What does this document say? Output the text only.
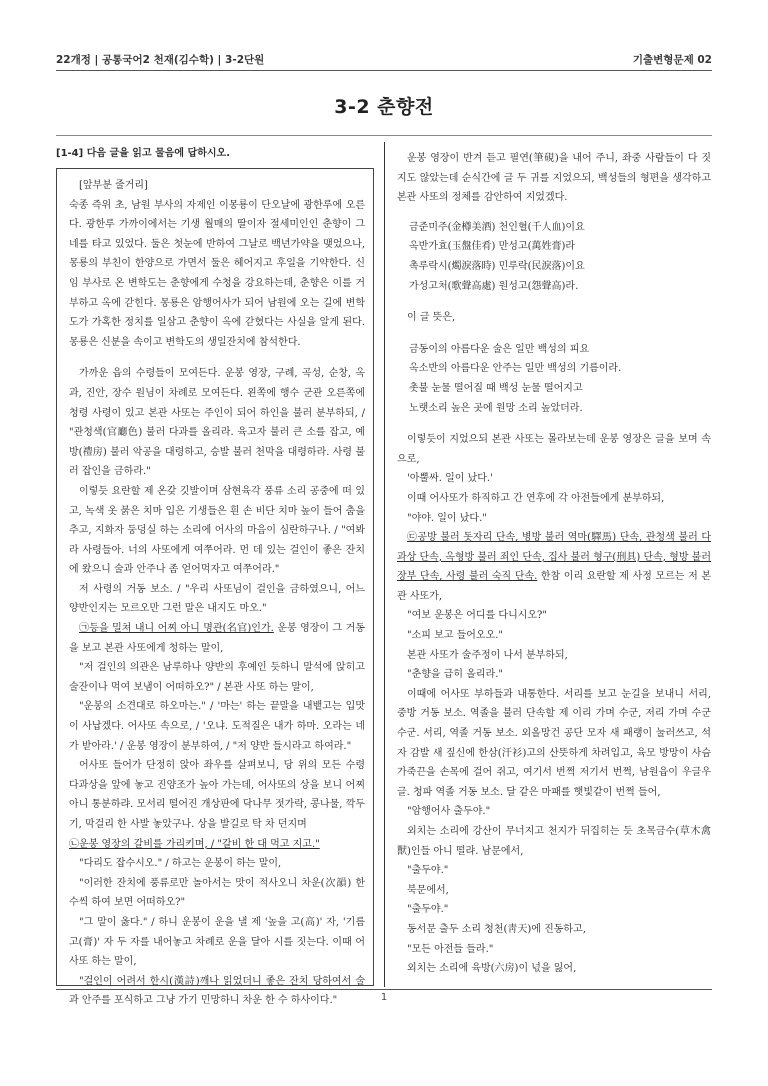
22개정 | 공통국어2 천재(김수학) | 3-2단원	기출변형문제 02
3-2 춘향전
[1-4] 다음 글을 읽고 물음에 답하시오.

[앞부분 줄거리]

숙종 즉위 초, 남원 부사의 자제인 이몽룡이 단오날에 광한루에 오른다. 광한루 가까이에서는 기생 월매의 딸이자 절세미인인 춘향이 그네를 타고 있었다. 둘은 첫눈에 반하여 그날로 백년가약을 맺었으나, 몽룡의 부친이 한양으로 가면서 둘은 헤어지고 후일을 기약한다. 신임 부사로 온 변학도는 춘향에게 수청을 강요하는데, 춘향은 이를 거부하고 옥에 갇힌다. 몽룡은 암행어사가 되어 남원에 오는 길에 변학도가 가혹한 정치를 일삼고 춘향이 옥에 갇혔다는 사실을 알게 된다. 몽룡은 신분을 속이고 변학도의 생일잔치에 참석한다.

가까운 읍의 수령들이 모여든다. 운봉 영장, 구례, 곡성, 순창, 옥과, 진안, 장수 원님이 차례로 모여든다. 왼쪽에 행수 군관 오른쪽에 청령 사령이 있고 본관 사또는 주인이 되어 하인을 불러 분부하되, / "관청색(官廳色) 불러 다과를 올리라. 육고자 불러 큰 소를 잡고, 예방(禮房) 불러 악공을 대령하고, 승발 불러 천막을 대령하라. 사령 불러 잡인을 금하라."

이렇듯 요란할 제 온갖 깃발이며 삼현육각 풍류 소리 공중에 떠 있고, 녹색 옷 붉은 치마 입은 기생들은 흰 손 비단 치마 높이 들어 춤을 추고, 지화자 둥덩실 하는 소리에 어사의 마음이 심란하구나. / "여봐라 사령들아. 너의 사또에게 여쭈어라. 먼 데 있는 걸인이 좋은 잔치에 왔으니 술과 안주나 좀 얻어먹자고 여쭈어라."

저 사령의 거동 보소. / "우리 사또님이 걸인을 금하였으니, 어느 양반인지는 모르오만 그런 말은 내지도 마오."

㉠등을 밀쳐 내니 어찌 아니 명관(名官)인가. 운봉 영장이 그 거동을 보고 본관 사또에게 청하는 말이,

"저 걸인의 의관은 남루하나 양반의 후예인 듯하니 말석에 앉히고 술잔이나 먹여 보냄이 어떠하오?" / 본관 사또 하는 말이,

"운봉의 소견대로 하오마는." / '마는' 하는 끝말을 내뱉고는 입맛이 사납겠다. 어사또 속으로, / '오냐. 도적질은 내가 하마. 오라는 네가 받아라.' / 운봉 영장이 분부하여, / "저 양반 들시라고 하여라."

어사또 들어가 단정히 앉아 좌우를 살펴보니, 당 위의 모든 수령 다과상을 앞에 놓고 진양조가 높아 가는데, 어사또의 상을 보니 어찌 아니 통분하랴. 모서리 떨어진 개상판에 닥나무 젓가락, 콩나물, 깍두기, 막걸리 한 사발 놓았구나. 상을 발길로 탁 차 던지며

㉡운봉 영장의 갈비를 가리키며, / "갈비 한 대 먹고 지고."

"다리도 잡수시오." / 하고는 운봉이 하는 말이,

"이러한 잔치에 풍류로만 놀아서는 맛이 적사오니 차운(次韻) 한 수씩 하여 보면 어떠하오?"

"그 말이 옳다." / 하니 운봉이 운을 낼 제 '높을 고(高)' 자, '기름 고(膏)' 자 두 자를 내어놓고 차례로 운을 달아 시를 짓는다. 이때 어사또 하는 말이,

"걸인이 어려서 한시(漢詩)깨나 읽었더니 좋은 잔치 당하여서 술과 안주를 포식하고 그냥 가기 민망하니 차운 한 수 하사이다."

운봉 영장이 반겨 듣고 필연(筆硯)을 내어 주니, 좌중 사람들이 다 짓지도 않았는데 순식간에 글 두 귀를 지었으되, 백성들의 형편을 생각하고 본관 사또의 정체를 감안하여 지었겠다.

금준미주(金樽美酒) 천인혈(千人血)이요
옥반가효(玉盤佳肴) 만성고(萬姓膏)라
촉루락시(燭淚落時) 민루락(民淚落)이요
가성고처(歌聲高處) 원성고(怨聲高)라.

이 글 뜻은,

금동이의 아름다운 술은 일만 백성의 피요
옥소반의 아름다운 안주는 일만 백성의 기름이라.
촛불 눈물 떨어질 때 백성 눈물 떨어지고
노랫소리 높은 곳에 원망 소리 높았더라.

이렇듯이 지었으되 본관 사또는 몰라보는데 운봉 영장은 글을 보며 속으로,

'아뿔싸. 일이 났다.'

이때 어사또가 하직하고 간 연후에 각 아전들에게 분부하되,

"야야. 일이 났다."

㉢공방 불러 돗자리 단속, 병방 불러 역마(驛馬) 단속, 관청색 불러 다과상 단속, 옥형방 불러 죄인 단속, 집사 불러 형구(刑具) 단속, 형방 불러 장부 단속, 사령 불러 숙직 단속. 한참 이리 요란할 제 사정 모르는 저 본관 사또가,

"여보 운봉은 어디를 다니시오?"

"소피 보고 들어오오."

본관 사또가 술주정이 나서 분부하되,

"춘향을 급히 올리라."

이때에 어사또 부하들과 내통한다. 서리를 보고 눈길을 보내니 서리, 중방 거동 보소. 역졸을 불러 단속할 제 이리 가며 수군, 저리 가며 수군수군. 서리, 역졸 거동 보소. 외올망건 공단 모자 새 패랭이 눌러쓰고, 석 자 감발 새 짚신에 한삼(汗衫)고의 산뜻하게 차려입고, 육모 방망이 사슴 가죽끈을 손목에 걸어 쥐고, 여기서 번쩍 저기서 번쩍, 남원읍이 우글우글. 청파 역졸 거동 보소. 달 같은 마패를 햇빛같이 번쩍 들어,

"암행어사 출두야."

외치는 소리에 강산이 무너지고 천지가 뒤집히는 듯 초목금수(草木禽獸)인들 아니 떨랴. 남문에서,

"출두야."

북문에서,

"출두야."

동서문 출두 소리 청천(靑天)에 진동하고,

"모든 아전들 들라."

외치는 소리에 육방(六房)이 넋을 잃어,

1
